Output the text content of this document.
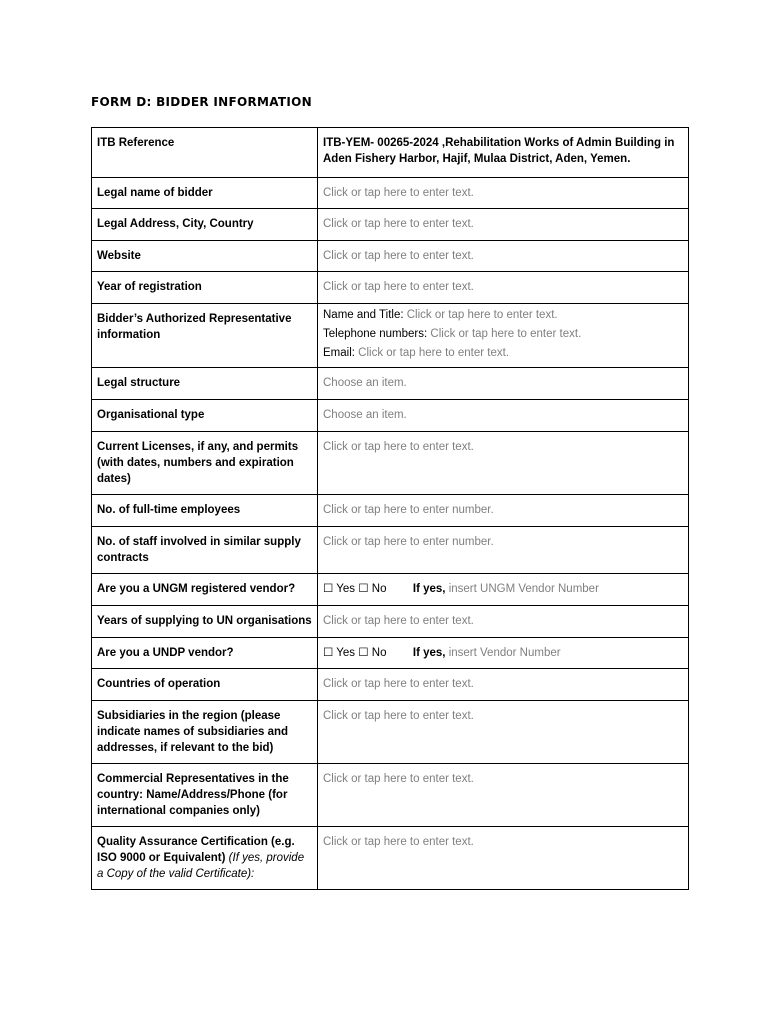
FORM D: BIDDER INFORMATION
ITB Reference	ITB-YEM- 00265-2024 ,Rehabilitation Works of Admin Building in Aden Fishery Harbor, Hajif, Mulaa District, Aden, Yemen.
Legal name of bidder	Click or tap here to enter text.
Legal Address, City, Country	Click or tap here to enter text.
Website	Click or tap here to enter text.
Year of registration	Click or tap here to enter text.
Bidder’s Authorized Representative information	Name and Title: Click or tap here to enter text.
Telephone numbers: Click or tap here to enter text.
Email: Click or tap here to enter text.

Legal structure	Choose an item.
Organisational type	Choose an item.
Current Licenses, if any, and permits (with dates, numbers and expiration dates)	Click or tap here to enter text.
No. of full-time employees	Click or tap here to enter number.
No. of staff involved in similar supply contracts	Click or tap here to enter number.
Are you a UNGM registered vendor?	☐ Yes ☐ No If yes, insert UNGM Vendor Number
Years of supplying to UN organisations	Click or tap here to enter text.
Are you a UNDP vendor?	☐ Yes ☐ No If yes, insert Vendor Number
Countries of operation	Click or tap here to enter text.
Subsidiaries in the region (please indicate names of subsidiaries and addresses, if relevant to the bid)	Click or tap here to enter text.
Commercial Representatives in the country: Name/Address/Phone (for international companies only)	Click or tap here to enter text.
Quality Assurance Certification (e.g. ISO 9000 or Equivalent) (If yes, provide a Copy of the valid Certificate):	Click or tap here to enter text.
